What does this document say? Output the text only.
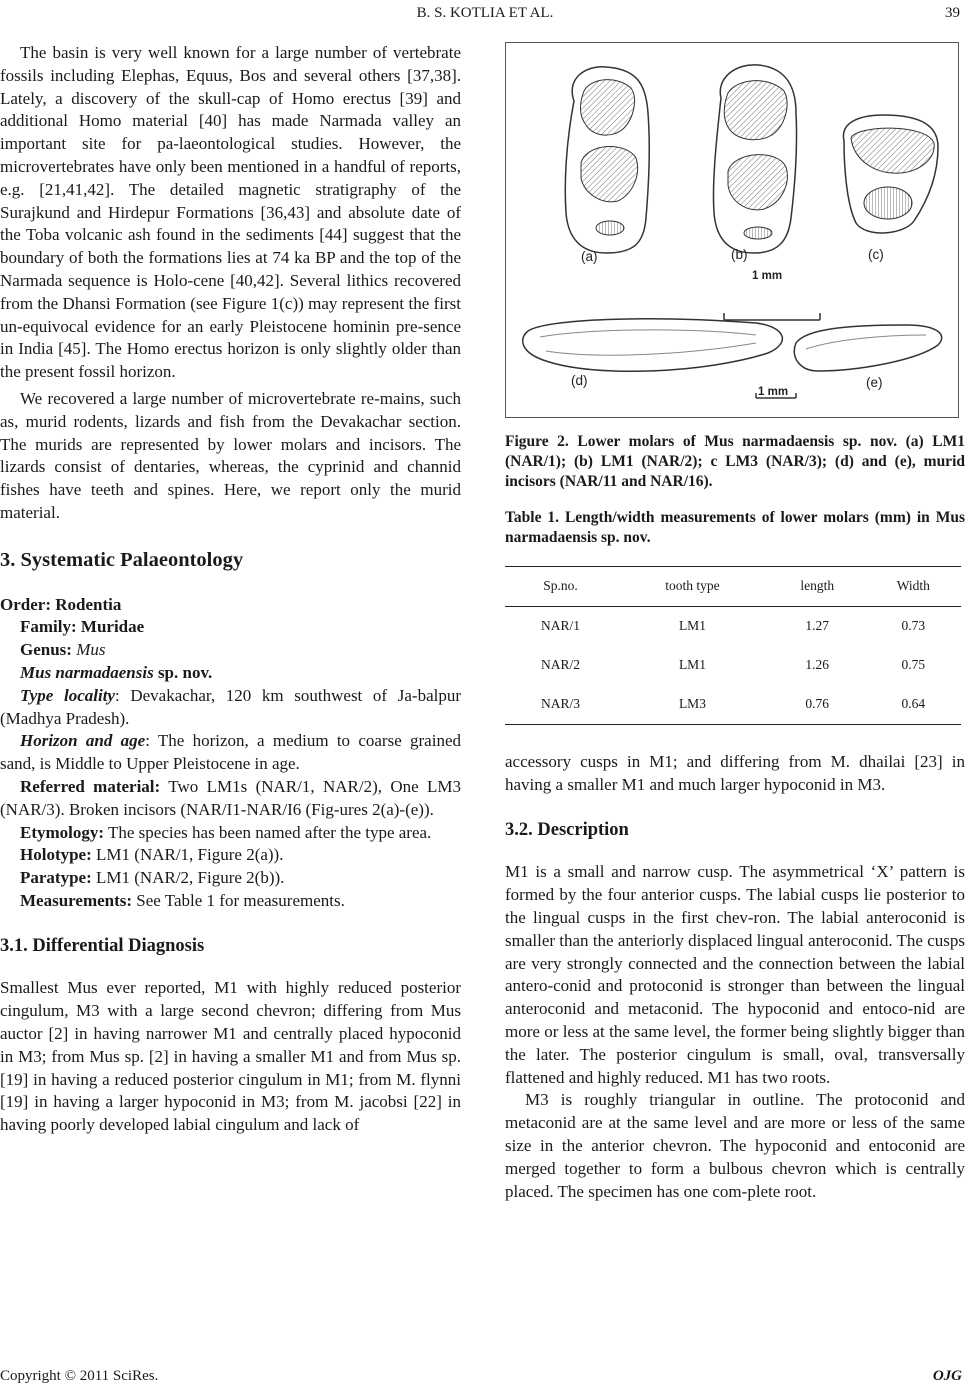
B. S. KOTLIA ET AL.	39

The basin is very well known for a large number of vertebrate fossils including Elephas, Equus, Bos and several others [37,38]. Lately, a discovery of the skull-cap of Homo erectus [39] and additional Homo material [40] has made Narmada valley an important site for pa-laeontological studies. However, the microvertebrates have only been mentioned in a handful of reports, e.g. [21,41,42]. The detailed magnetic stratigraphy of the Surajkund and Hirdepur Formations [36,43] and absolute date of the Toba volcanic ash found in the sediments [44] suggest that the boundary of both the formations lies at 74 ka BP and the top of the Narmada sequence is Holo-cene [40,42]. Several lithics recovered from the Dhansi Formation (see Figure 1(c)) may represent the first un-equivocal evidence for an early Pleistocene hominin pre-sence in India [45]. The Homo erectus horizon is only slightly older than the present fossil horizon.

We recovered a large number of microvertebrate re-mains, such as, murid rodents, lizards and fish from the Devakachar section. The murids are represented by lower molars and incisors. The lizards consist of dentaries, whereas, the cyprinid and channid fishes have teeth and spines. Here, we report only the murid material.

3. Systematic Palaeontology

Order: Rodentia

Family: Muridae

Genus: Mus

Mus narmadaensis sp. nov.

Type locality: Devakachar, 120 km southwest of Ja-balpur (Madhya Pradesh).

Horizon and age: The horizon, a medium to coarse grained sand, is Middle to Upper Pleistocene in age.

Referred material: Two LM1s (NAR/1, NAR/2), One LM3 (NAR/3). Broken incisors (NAR/I1-NAR/I6 (Fig-ures 2(a)-(e)).

Etymology: The species has been named after the type area.

Holotype: LM1 (NAR/1, Figure 2(a)).

Paratype: LM1 (NAR/2, Figure 2(b)).

Measurements: See Table 1 for measurements.

3.1. Differential Diagnosis

Smallest Mus ever reported, M1 with highly reduced posterior cingulum, M3 with a large second chevron; differing from Mus auctor [2] in having narrower M1 and centrally placed hypoconid in M3; from Mus sp. [2] in having a smaller M1 and from Mus sp. [19] in having a reduced posterior cingulum in M1; from M. flynni [19] in having a larger hypoconid in M3; from M. jacobsi [22] in having poorly developed labial cingulum and lack of

(a)	(b)	(c)
1 mm
(d)	(e)
1 mm

Figure 2. Lower molars of Mus narmadaensis sp. nov. (a) LM1 (NAR/1); (b) LM1 (NAR/2); c LM3 (NAR/3); (d) and (e), murid incisors (NAR/11 and NAR/16).

Table 1. Length/width measurements of lower molars (mm) in Mus narmadaensis sp. nov.

Sp.no.	tooth type	length	Width
NAR/1	LM1	1.27	0.73
NAR/2	LM1	1.26	0.75
NAR/3	LM3	0.76	0.64

accessory cusps in M1; and differing from M. dhailai [23] in having a smaller M1 and much larger hypoconid in M3.

3.2. Description

M1 is a small and narrow cusp. The asymmetrical ‘X’ pattern is formed by the four anterior cusps. The labial cusps lie posterior to the lingual cusps in the first chev-ron. The labial anteroconid is smaller than the anteriorly displaced lingual anteroconid. The cusps are very strongly connected and the connection between the labial antero-conid and protoconid is stronger than between the lingual anteroconid and metaconid. The hypoconid and entoco-nid are more or less at the same level, the former being slightly bigger than the later. The posterior cingulum is small, oval, transversally flattened and highly reduced. M1 has two roots.

M3 is roughly triangular in outline. The protoconid and metaconid are at the same level and are more or less of the same size in the anterior chevron. The hypoconid and entoconid are merged together to form a bulbous chevron which is centrally placed. The specimen has one com-plete root.

Copyright © 2011 SciRes.	OJG
